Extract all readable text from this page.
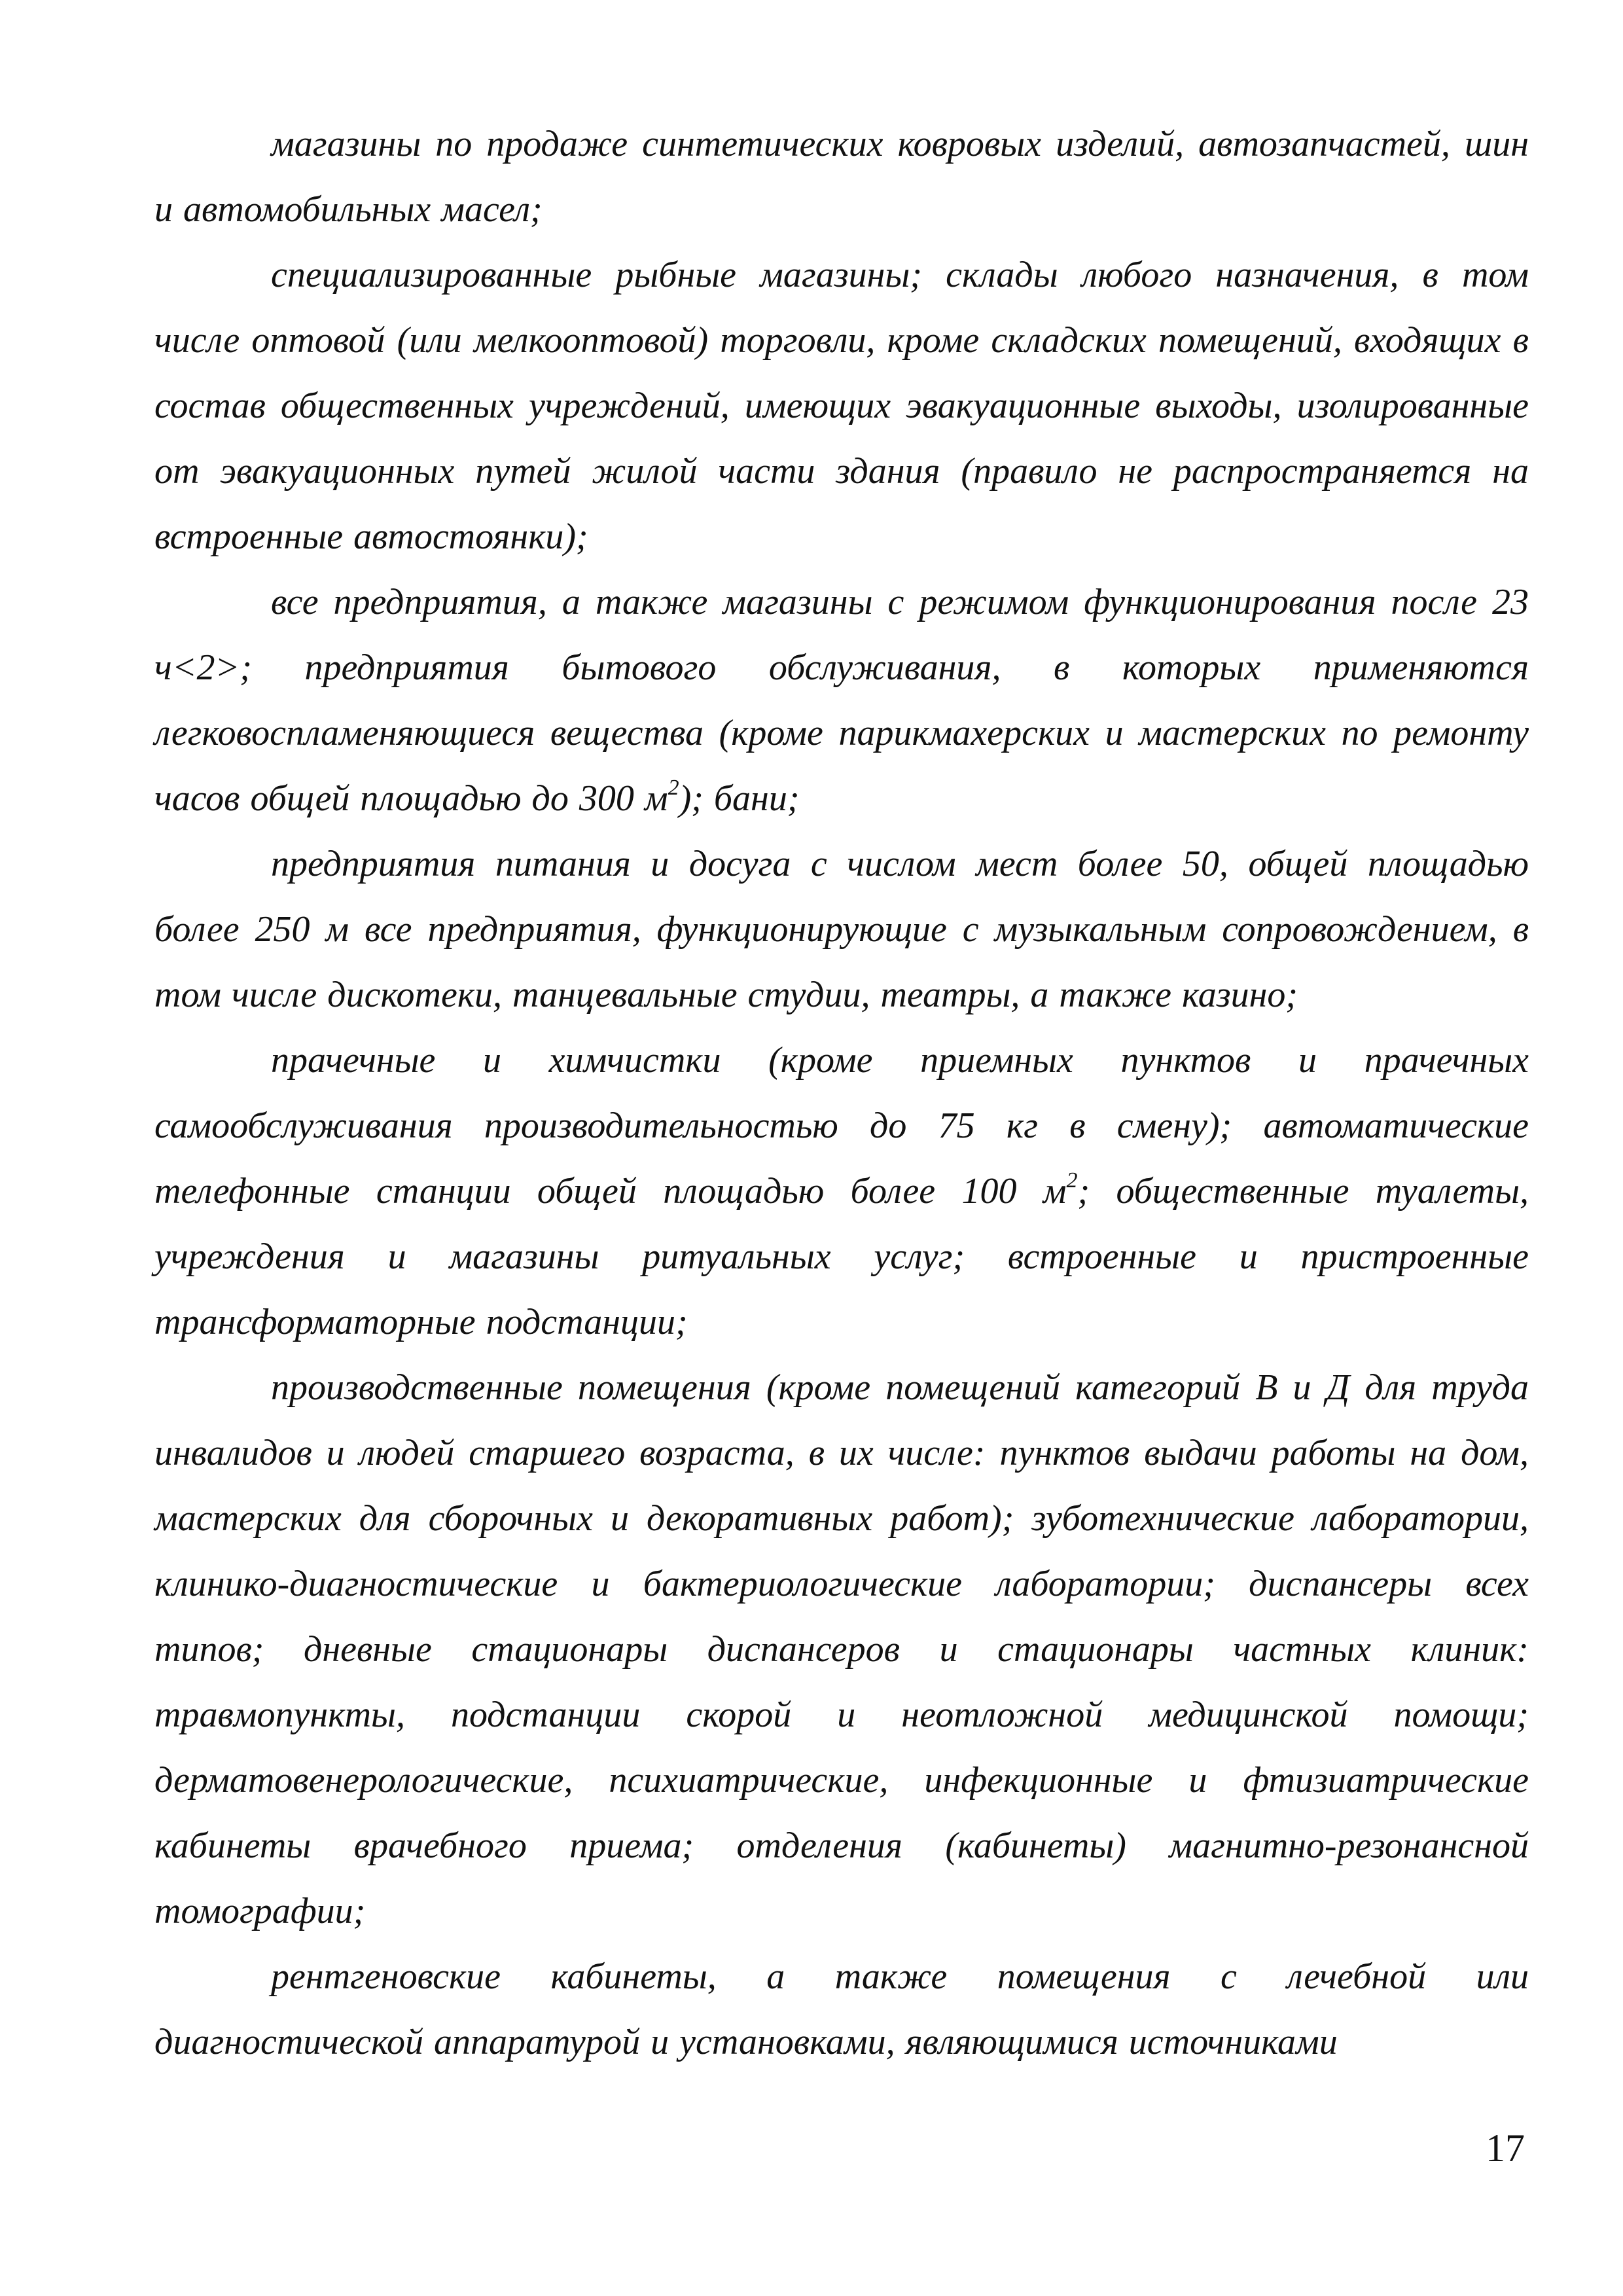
магазины по продаже синтетических ковровых изделий, автозапчастей, шин и автомобильных масел;

специализированные рыбные магазины; склады любого назначения, в том числе оптовой (или мелкооптовой) торговли, кроме складских помещений, входящих в состав общественных учреждений, имеющих эвакуационные выходы, изолированные от эвакуационных путей жилой части здания (правило не распространяется на встроенные автостоянки);

все предприятия, а также магазины с режимом функционирования после 23 ч<2>; предприятия бытового обслуживания, в которых применяются легковоспламеняющиеся вещества (кроме парикмахерских и мастерских по ремонту часов общей площадью до 300 $м^2$); бани;

предприятия питания и досуга с числом мест более 50, общей площадью более 250 м все предприятия, функционирующие с музыкальным сопровождением, в том числе дискотеки, танцевальные студии, театры, а также казино;

прачечные и химчистки (кроме приемных пунктов и прачечных самообслуживания производительностью до 75 кг в смену); автоматические телефонные станции общей площадью более 100 $м^2$; общественные туалеты, учреждения и магазины ритуальных услуг; встроенные и пристроенные трансформаторные подстанции;

производственные помещения (кроме помещений категорий В и Д для труда инвалидов и людей старшего возраста, в их числе: пунктов выдачи работы на дом, мастерских для сборочных и декоративных работ); зуботехнические лаборатории, клинико-диагностические и бактериологические лаборатории; диспансеры всех типов; дневные стационары диспансеров и стационары частных клиник: травмопункты, подстанции скорой и неотложной медицинской помощи; дерматовенерологические, психиатрические, инфекционные и фтизиатрические кабинеты врачебного приема; отделения (кабинеты) магнитно-резонансной томографии;

рентгеновские кабинеты, а также помещения с лечебной или диагностической аппаратурой и установками, являющимися источниками

17
